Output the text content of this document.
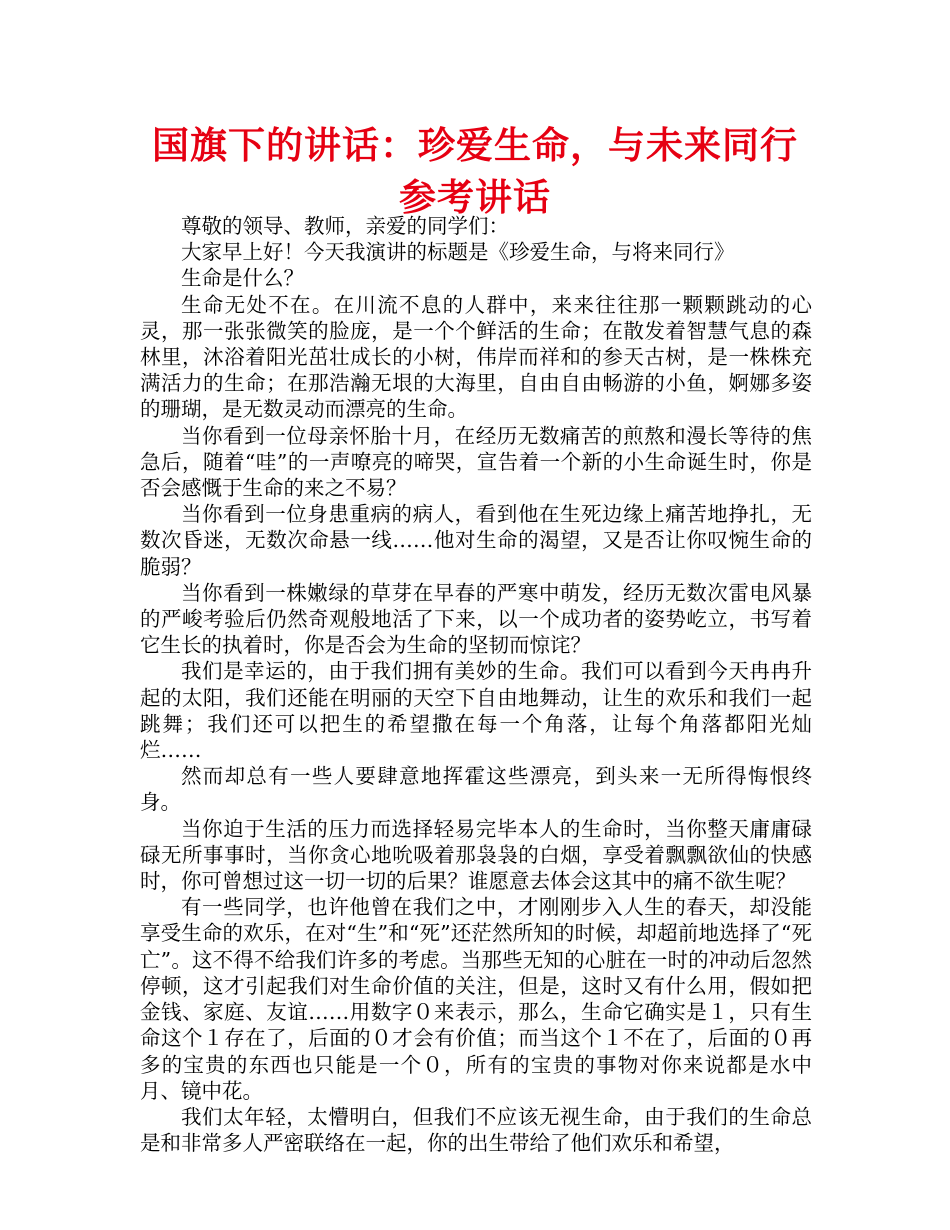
国旗下的讲话：珍爱生命，与未来同行参考讲话

尊敬的领导、教师，亲爱的同学们：

大家早上好！今天我演讲的标题是《珍爱生命，与将来同行》

生命是什么？

生命无处不在。在川流不息的人群中，来来往往那一颗颗跳动的心灵，那一张张微笑的脸庞，是一个个鲜活的生命；在散发着智慧气息的森林里，沐浴着阳光茁壮成长的小树，伟岸而祥和的参天古树，是一株株充满活力的生命；在那浩瀚无垠的大海里，自由自由畅游的小鱼，婀娜多姿的珊瑚，是无数灵动而漂亮的生命。

当你看到一位母亲怀胎十月，在经历无数痛苦的煎熬和漫长等待的焦急后，随着“哇”的一声嘹亮的啼哭，宣告着一个新的小生命诞生时，你是否会感慨于生命的来之不易？

当你看到一位身患重病的病人，看到他在生死边缘上痛苦地挣扎，无数次昏迷，无数次命悬一线……他对生命的渴望，又是否让你叹惋生命的脆弱？

当你看到一株嫩绿的草芽在早春的严寒中萌发，经历无数次雷电风暴的严峻考验后仍然奇观般地活了下来，以一个成功者的姿势屹立，书写着它生长的执着时，你是否会为生命的坚韧而惊诧？

我们是幸运的，由于我们拥有美妙的生命。我们可以看到今天冉冉升起的太阳，我们还能在明丽的天空下自由地舞动，让生的欢乐和我们一起跳舞；我们还可以把生的希望撒在每一个角落，让每个角落都阳光灿烂……

然而却总有一些人要肆意地挥霍这些漂亮，到头来一无所得悔恨终身。

当你迫于生活的压力而选择轻易完毕本人的生命时，当你整天庸庸碌碌无所事事时，当你贪心地吮吸着那袅袅的白烟，享受着飘飘欲仙的快感时，你可曾想过这一切一切的后果？谁愿意去体会这其中的痛不欲生呢？

有一些同学，也许他曾在我们之中，才刚刚步入人生的春天，却没能享受生命的欢乐，在对“生”和“死”还茫然所知的时候，却超前地选择了“死亡”。这不得不给我们许多的考虑。当那些无知的心脏在一时的冲动后忽然停顿，这才引起我们对生命价值的关注，但是，这时又有什么用，假如把金钱、家庭、友谊……用数字０来表示，那么，生命它确实是１，只有生命这个１存在了，后面的０才会有价值；而当这个１不在了，后面的０再多的宝贵的东西也只能是一个０，所有的宝贵的事物对你来说都是水中月、镜中花。

我们太年轻，太懵明白，但我们不应该无视生命，由于我们的生命总是和非常多人严密联络在一起，你的出生带给了他们欢乐和希望，
